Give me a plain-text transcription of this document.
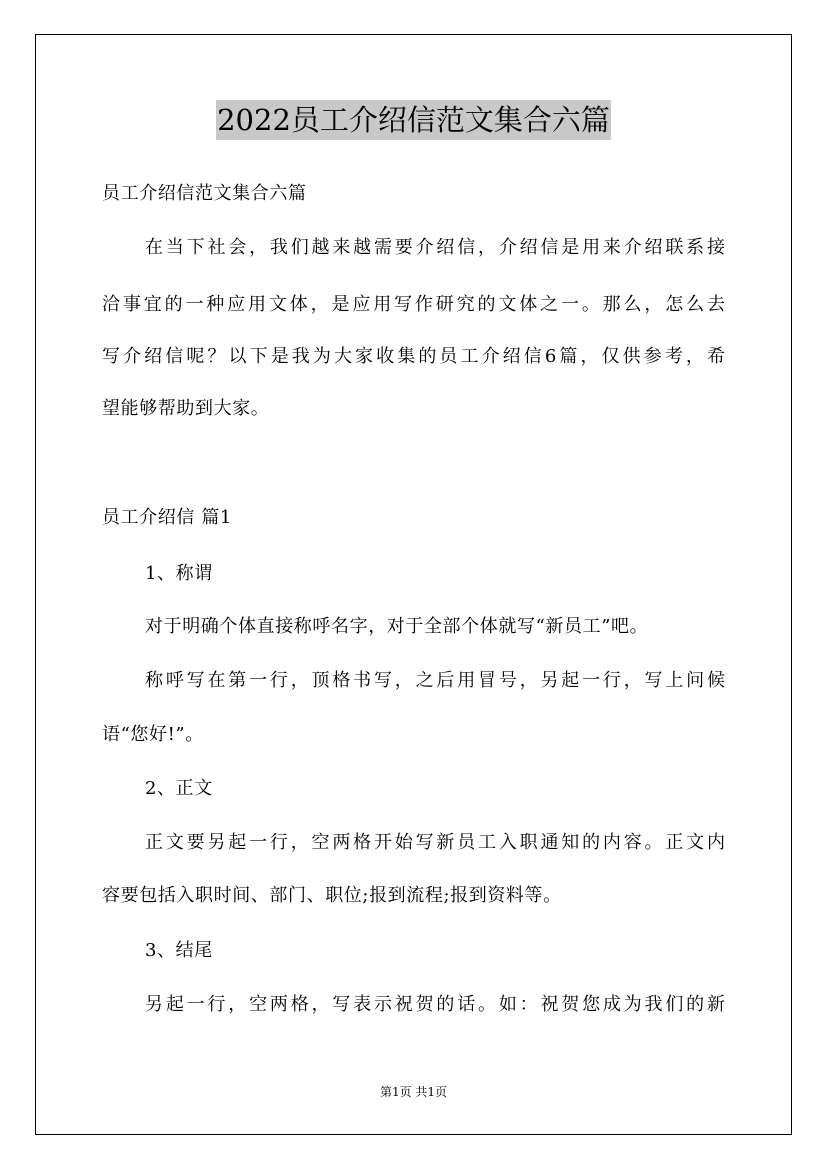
2022员工介绍信范文集合六篇
员工介绍信范文集合六篇
在当下社会，我们越来越需要介绍信，介绍信是用来介绍联系接
洽事宜的一种应用文体，是应用写作研究的文体之一。那么，怎么去
写介绍信呢？以下是我为大家收集的员工介绍信6篇，仅供参考，希
望能够帮助到大家。
员工介绍信 篇1
1、称谓
对于明确个体直接称呼名字，对于全部个体就写“新员工”吧。
称呼写在第一行，顶格书写，之后用冒号，另起一行，写上问候
语“您好!”。
2、正文
正文要另起一行，空两格开始写新员工入职通知的内容。正文内
容要包括入职时间、部门、职位;报到流程;报到资料等。
3、结尾
另起一行，空两格，写表示祝贺的话。如：祝贺您成为我们的新
第1页 共1页
